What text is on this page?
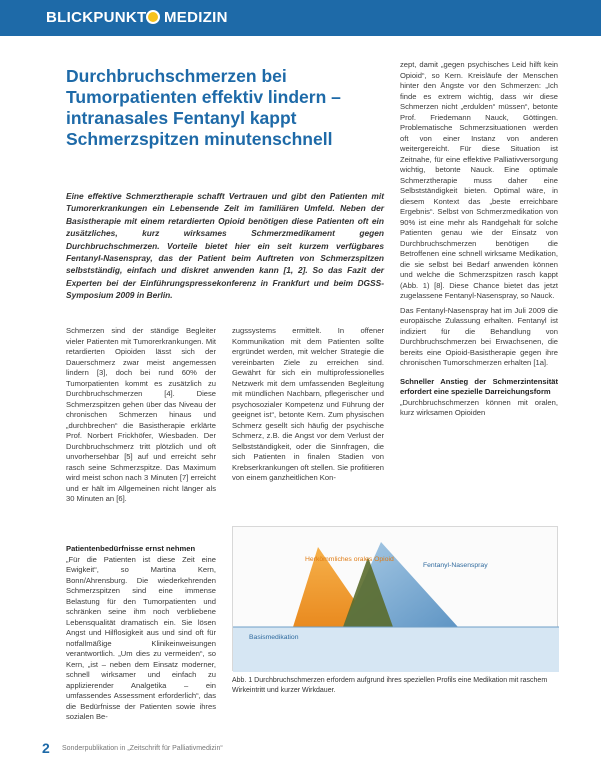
BLICKPUNKT MEDIZIN
Durchbruchschmerzen bei Tumorpatienten effektiv lindern – intranasales Fentanyl kappt Schmerzspitzen minutenschnell

Eine effektive Schmerztherapie schafft Vertrauen und gibt den Patienten mit Tumorerkrankungen ein Lebensende Zeit im familiären Umfeld. Neben der Basistherapie mit einem retardierten Opioid benötigen diese Patienten oft ein zusätzliches, kurz wirksames Schmerzmedikament gegen Durchbruchschmerzen. Vorteile bietet hier ein seit kurzem verfügbares Fentanyl-Nasenspray, das der Patient beim Auftreten von Schmerzspitzen selbstständig, einfach und diskret anwenden kann [1, 2]. So das Fazit der Experten bei der Einführungspressekonferenz in Frankfurt und beim DGSS-Symposium 2009 in Berlin.

Schmerzen sind der ständige Begleiter vieler Patienten mit Tumorerkrankungen. Mit retardierten Opioiden lässt sich der Dauerschmerz zwar meist angemessen lindern [3], doch bei rund 60% der Tumorpatienten kommt es zusätzlich zu Durchbruchschmerzen [4]. Diese Schmerzspitzen gehen über das Niveau der chronischen Schmerzen hinaus und „durchbrechen“ die Basistherapie erklärte Prof. Norbert Frickhöfer, Wiesbaden. Der Durchbruchschmerz tritt plötzlich und oft unvorhersehbar [5] auf und erreicht sehr rasch seine Schmerzspitze. Das Maximum wird meist schon nach 3 Minuten [7] erreicht und er hält im Allgemeinen nicht länger als 30 Minuten an [6].

Patientenbedürfnisse ernst nehmen

„Für die Patienten ist diese Zeit eine Ewigkeit“, so Martina Kern, Bonn/Ahrensburg. Die wiederkehrenden Schmerzspitzen sind eine immense Belastung für den Tumorpatienten und schränken seine ihm noch verbliebene Lebensqualität dramatisch ein. Sie lösen Angst und Hilflosigkeit aus und sind oft für notfallmäßige Klinikeinweisungen verantwortlich. „Um dies zu vermeiden“, so Kern, „ist – neben dem Einsatz moderner, schnell wirksamer und einfach zu applizierender Analgetika – ein umfassendes Assessment erforderlich“, das die Bedürfnisse der Patienten sowie ihres sozialen Be-

zugssystems ermittelt. In offener Kommunikation mit dem Patienten sollte ergründet werden, mit welcher Strategie die vereinbarten Ziele zu erreichen sind. Gewährt für sich ein multiprofessionelles Netzwerk mit dem umfassenden Begleitung mit mündlichen Nachbarn, pflegerischer und psychosozialer Kompetenz und Führung der geeignet ist“, betonte Kern. Zum physischen Schmerz gesellt sich häufig der psychische Schmerz, z.B. die Angst vor dem Verlust der Selbstständigkeit, oder die Sinnfragen, die sich Patienten in finalen Stadien von Krebserkrankungen oft stellen. Sie profitieren von einem ganzheitlichen Kon-

zept, damit „gegen psychisches Leid hilft kein Opioid“, so Kern. Kreisläufe der Menschen hinter den Ängste vor den Schmerzen: „Ich finde es extrem wichtig, dass wir diese Schmerzen nicht „erdulden“ müssen“, betonte Prof. Friedemann Nauck, Göttingen. Problematische Schmerzsituationen werden oft von einer Instanz von anderen weitergereicht. Für diese Situation ist Zeitnahe, für eine effektive Palliativversorgung wichtig, betonte Nauck. Eine optimale Schmerztherapie muss daher eine Selbstständigkeit bieten. Optimal wäre, in diesem Kontext das „beste erreichbare Ergebnis“. Selbst von Schmerzmedikation von 90% ist eine mehr als Randgehalt für solche Patienten genau wie der Einsatz von Durchbruchschmerzen benötigen die Betroffenen eine schnell wirksame Medikation, die sie selbst bei Bedarf anwenden können und welche die Schmerzspitzen rasch kappt (Abb. 1) [8]. Diese Chance bietet das jetzt zugelassene Fentanyl-Nasenspray, so Nauck.

Das Fentanyl-Nasenspray hat im Juli 2009 die europäische Zulassung erhalten. Fentanyl ist indiziert für die Behandlung von Durchbruchschmerzen bei Erwachsenen, die bereits eine Opioid-Basistherapie gegen ihre chronischen Tumorschmerzen erhalten [1a].

Schneller Anstieg der Schmerzintensität erfordert eine spezielle Darreichungsform

„Durchbruchschmerzen können mit oralen, kurz wirksamen Opioiden

Herkömmliches orales Opioid
Fentanyl-Nasenspray
Basismedikation

Abb. 1 Durchbruchschmerzen erfordern aufgrund ihres speziellen Profils eine Medikation mit raschem Wirkeintritt und kurzer Wirkdauer.

2 Sonderpublikation in „Zeitschrift für Palliativmedizin“
